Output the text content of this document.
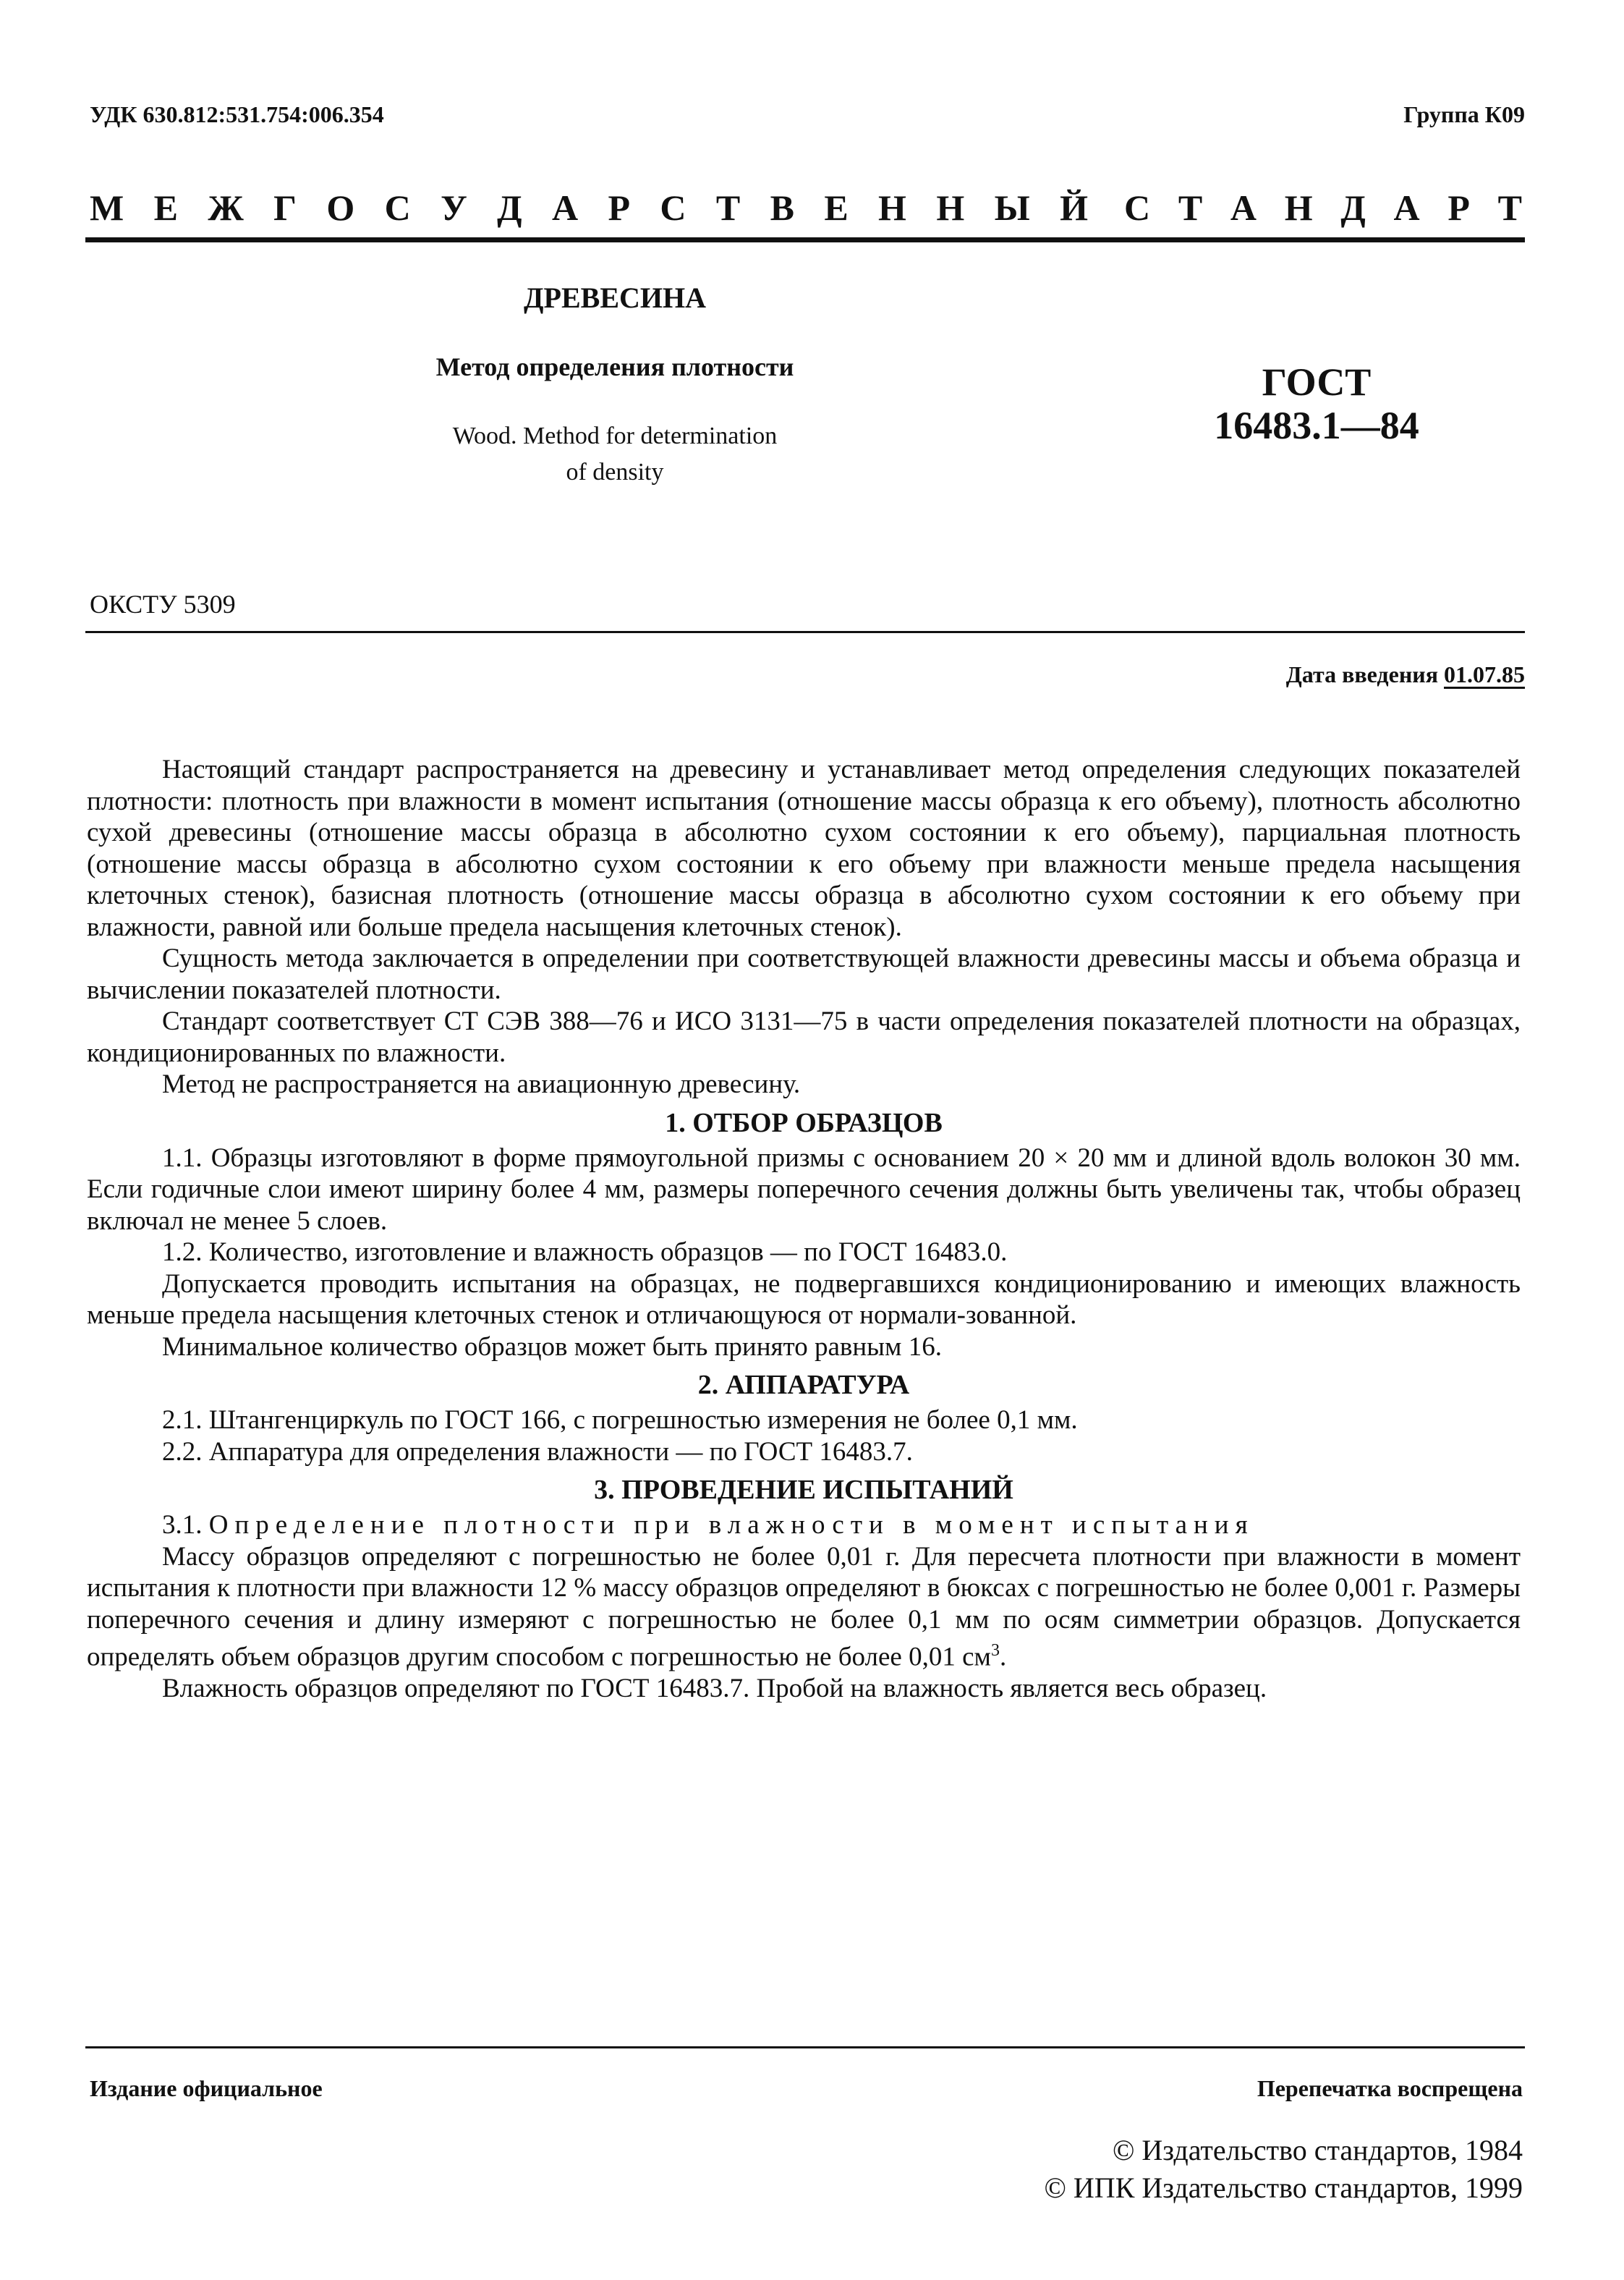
УДК 630.812:531.754:006.354	Группа К09
М Е Ж Г О С У Д А Р С Т В Е Н Н Ы Й С Т А Н Д А Р Т
ДРЕВЕСИНА
Метод определения плотности
Wood. Method for determination
of density
ГОСТ
16483.1—84
ОКСТУ 5309
Дата введения 01.07.85

Настоящий стандарт распространяется на древесину и устанавливает метод определения следующих показателей плотности: плотность при влажности в момент испытания (отношение массы образца к его объему), плотность абсолютно сухой древесины (отношение массы образца в абсолютно сухом состоянии к его объему), парциальная плотность (отношение массы образца в абсолютно сухом состоянии к его объему при влажности меньше предела насыщения клеточных стенок), базисная плотность (отношение массы образца в абсолютно сухом состоянии к его объему при влажности, равной или больше предела насыщения клеточных стенок).

Сущность метода заключается в определении при соответствующей влажности древесины массы и объема образца и вычислении показателей плотности.

Стандарт соответствует СТ СЭВ 388—76 и ИСО 3131—75 в части определения показателей плотности на образцах, кондиционированных по влажности.

Метод не распространяется на авиационную древесину.

1. ОТБОР ОБРАЗЦОВ

1.1. Образцы изготовляют в форме прямоугольной призмы с основанием 20 × 20 мм и длиной вдоль волокон 30 мм. Если годичные слои имеют ширину более 4 мм, размеры поперечного сечения должны быть увеличены так, чтобы образец включал не менее 5 слоев.

1.2. Количество, изготовление и влажность образцов — по ГОСТ 16483.0.

Допускается проводить испытания на образцах, не подвергавшихся кондиционированию и имеющих влажность меньше предела насыщения клеточных стенок и отличающуюся от нормали-зованной.

Минимальное количество образцов может быть принято равным 16.

2. АППАРАТУРА

2.1. Штангенциркуль по ГОСТ 166, с погрешностью измерения не более 0,1 мм.

2.2. Аппаратура для определения влажности — по ГОСТ 16483.7.

3. ПРОВЕДЕНИЕ ИСПЫТАНИЙ

3.1. Определение плотности при влажности в момент испытания

Массу образцов определяют с погрешностью не более 0,01 г. Для пересчета плотности при влажности в момент испытания к плотности при влажности 12 % массу образцов определяют в бюксах с погрешностью не более 0,001 г. Размеры поперечного сечения и длину измеряют с погрешностью не более 0,1 мм по осям симметрии образцов. Допускается определять объем образцов другим способом с погрешностью не более 0,01 $см^3$.

Влажность образцов определяют по ГОСТ 16483.7. Пробой на влажность является весь образец.

Издание официальное	Перепечатка воспрещена
© Издательство стандартов, 1984
© ИПК Издательство стандартов, 1999
